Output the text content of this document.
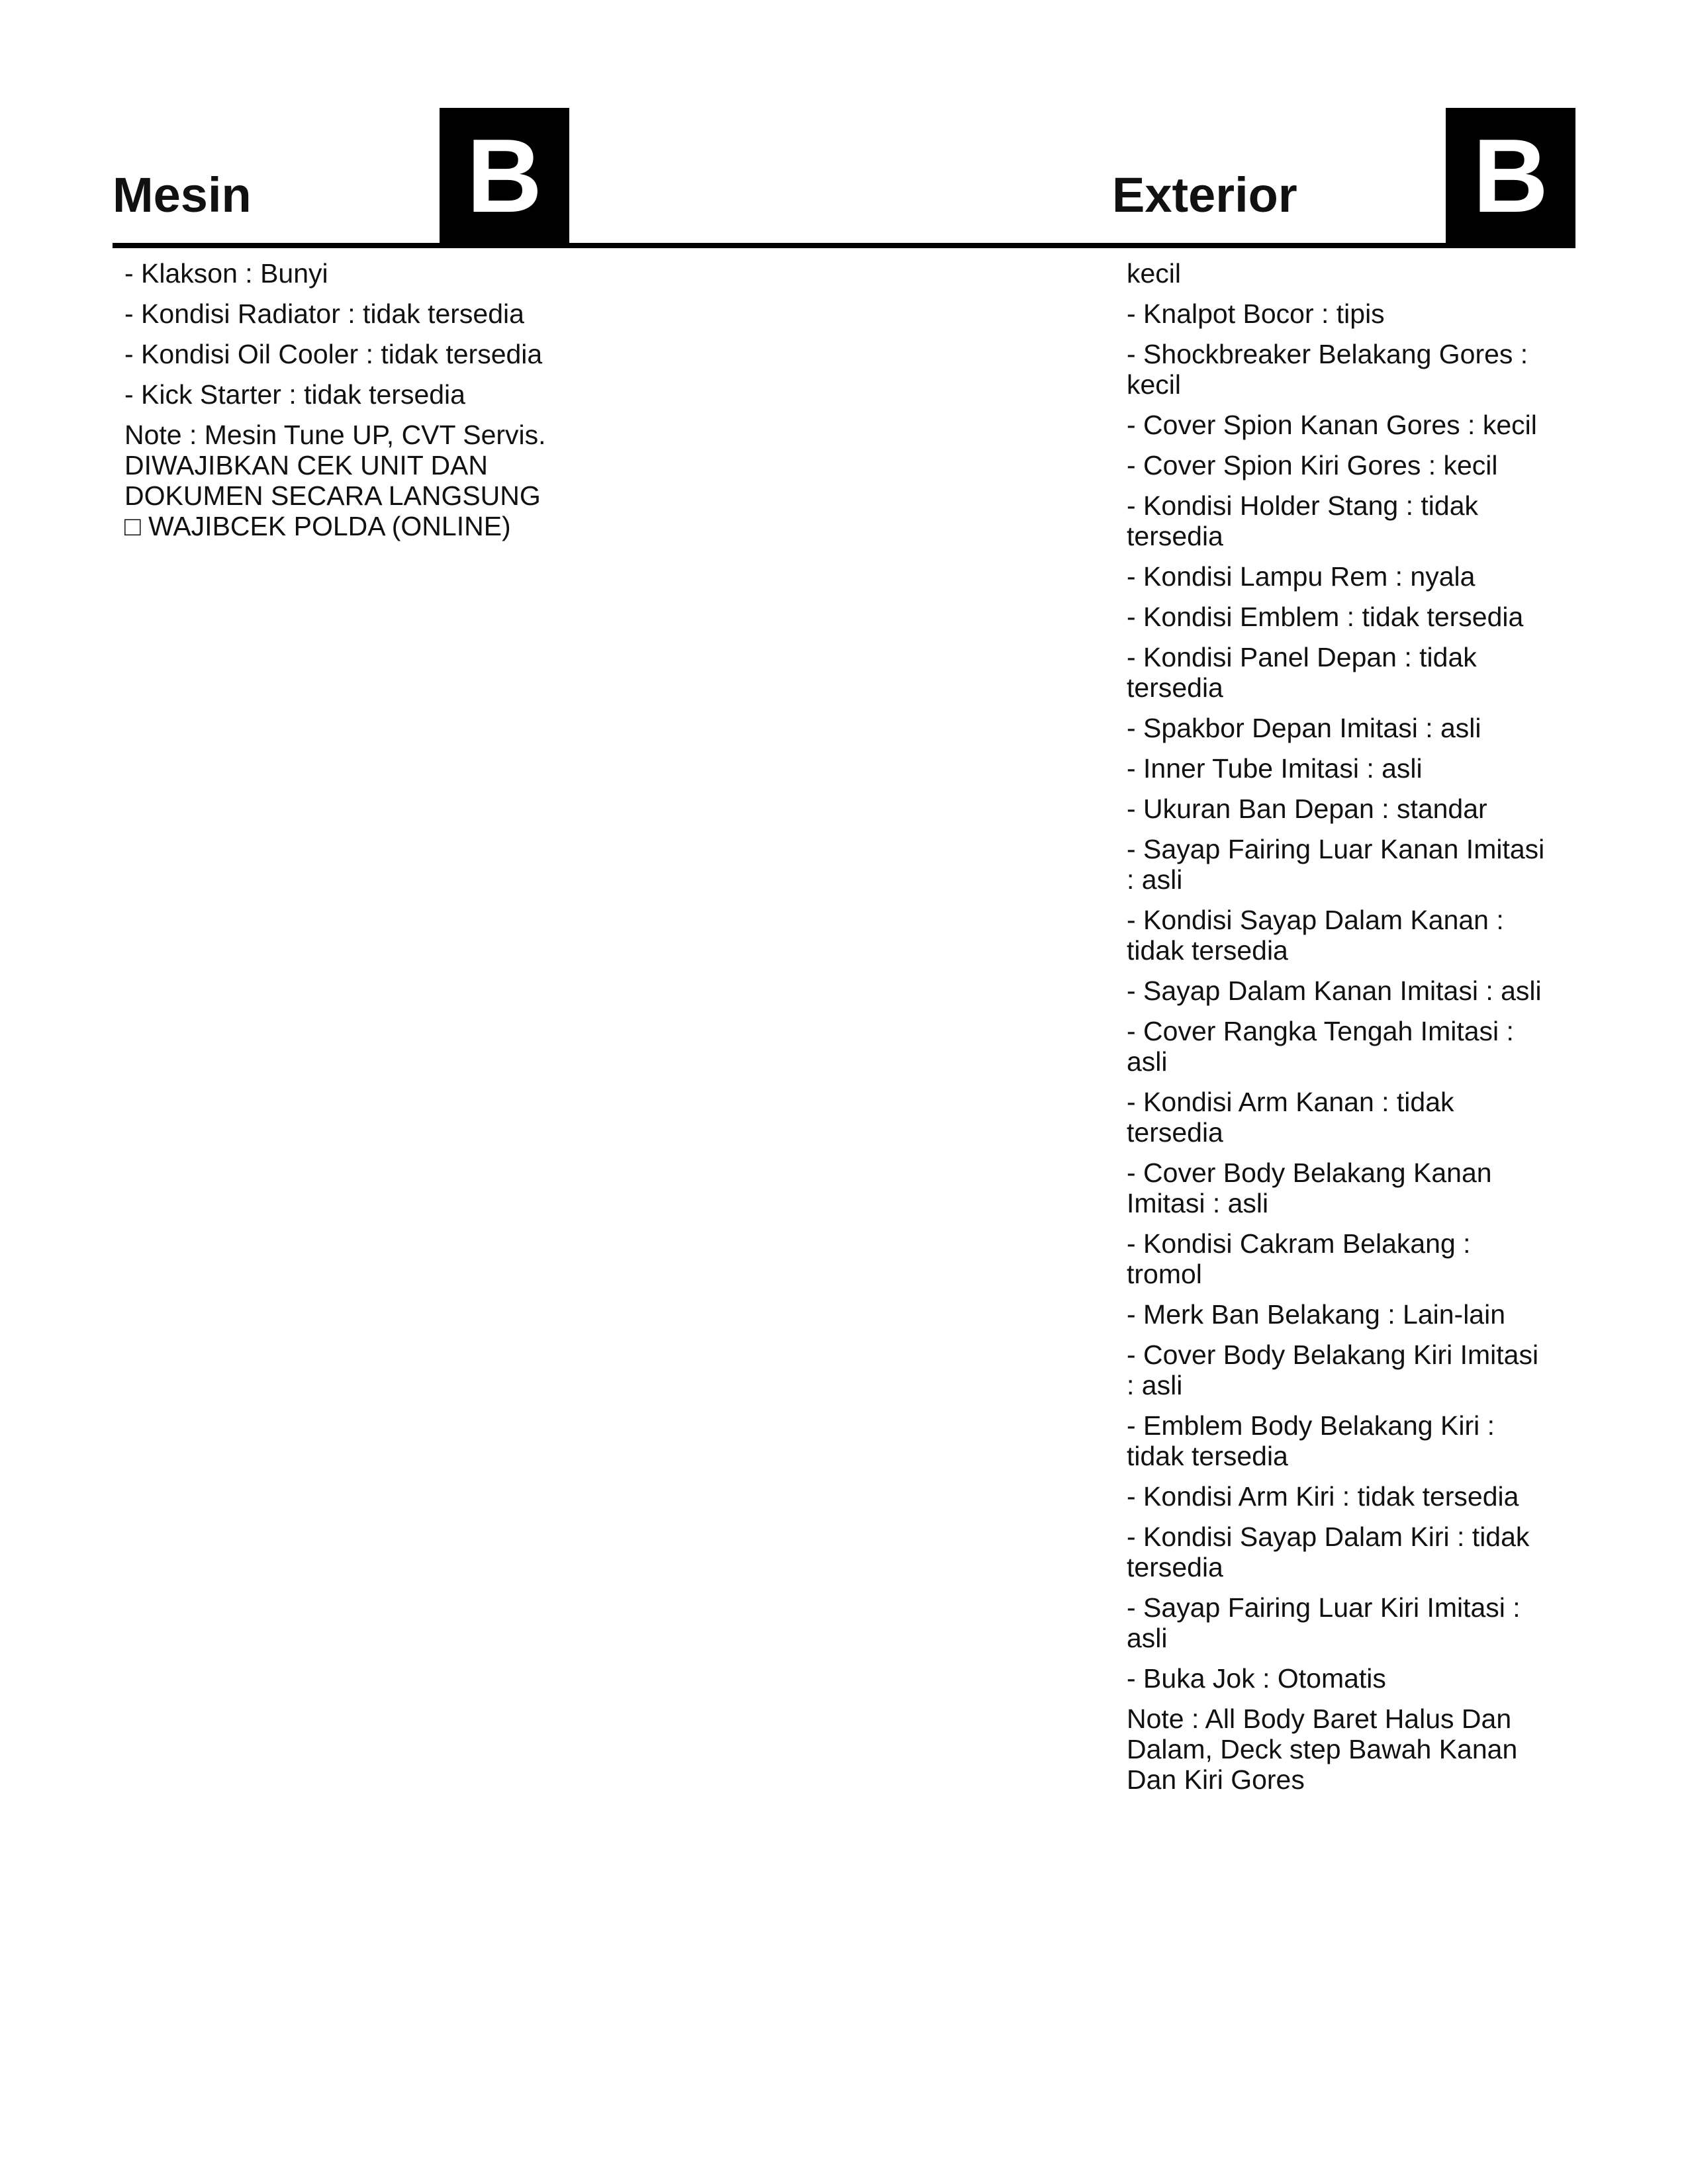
Mesin B
- Klakson : Bunyi
- Kondisi Radiator : tidak tersedia
- Kondisi Oil Cooler : tidak tersedia
- Kick Starter : tidak tersedia
Note : Mesin Tune UP, CVT Servis.
DIWAJIBKAN CEK UNIT DAN
DOKUMEN SECARA LANGSUNG
□ WAJIBCEK POLDA (ONLINE)
Exterior B
kecil
- Knalpot Bocor : tipis
- Shockbreaker Belakang Gores : kecil
- Cover Spion Kanan Gores : kecil
- Cover Spion Kiri Gores : kecil
- Kondisi Holder Stang : tidak tersedia
- Kondisi Lampu Rem : nyala
- Kondisi Emblem : tidak tersedia
- Kondisi Panel Depan : tidak tersedia
- Spakbor Depan Imitasi : asli
- Inner Tube Imitasi : asli
- Ukuran Ban Depan : standar
- Sayap Fairing Luar Kanan Imitasi : asli
- Kondisi Sayap Dalam Kanan : tidak tersedia
- Sayap Dalam Kanan Imitasi : asli
- Cover Rangka Tengah Imitasi : asli
- Kondisi Arm Kanan : tidak tersedia
- Cover Body Belakang Kanan Imitasi : asli
- Kondisi Cakram Belakang : tromol
- Merk Ban Belakang : Lain-lain
- Cover Body Belakang Kiri Imitasi : asli
- Emblem Body Belakang Kiri : tidak tersedia
- Kondisi Arm Kiri : tidak tersedia
- Kondisi Sayap Dalam Kiri : tidak tersedia
- Sayap Fairing Luar Kiri Imitasi : asli
- Buka Jok : Otomatis
Note : All Body Baret Halus Dan Dalam, Deck step Bawah Kanan Dan Kiri Gores
